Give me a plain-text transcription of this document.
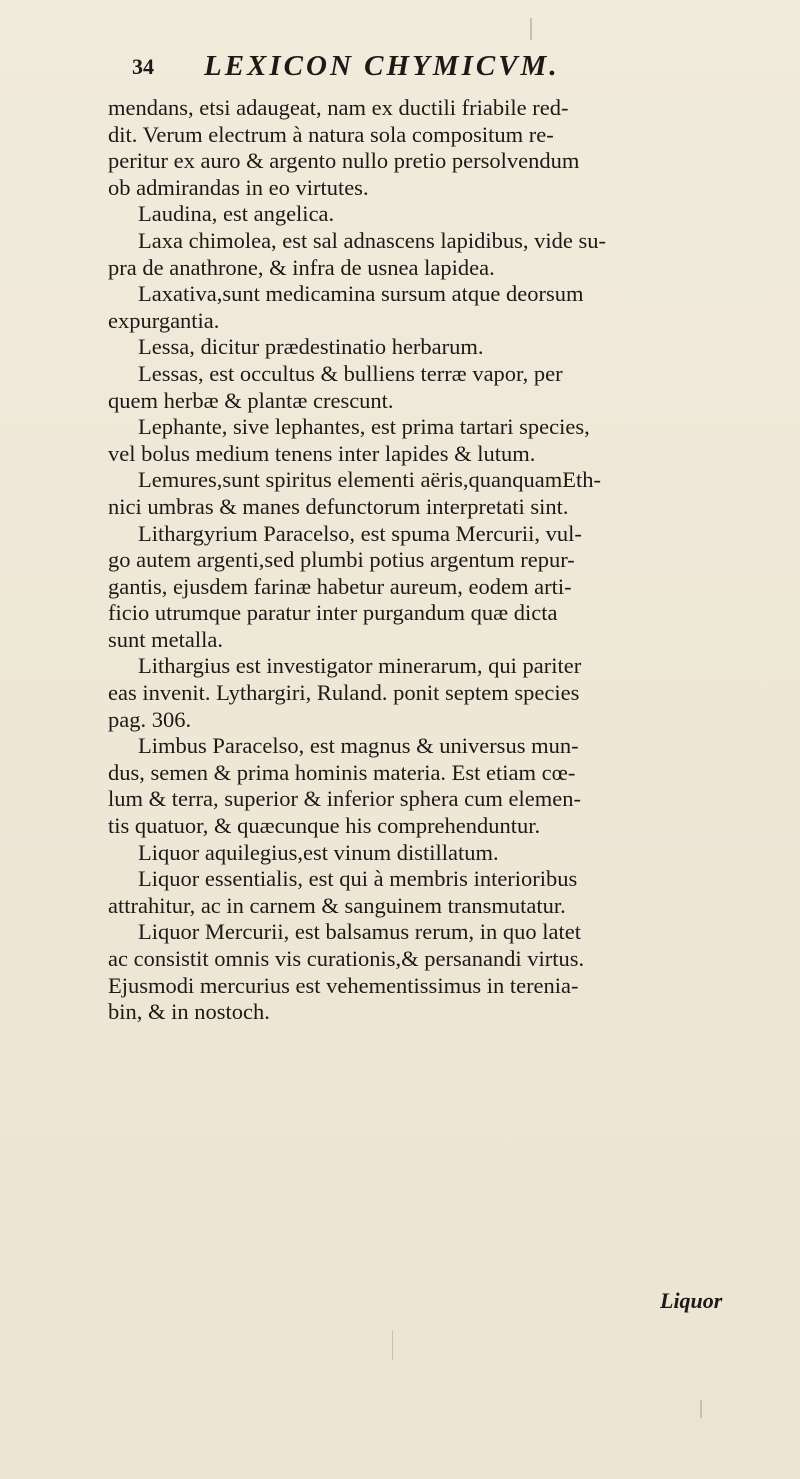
34 LEXICON CHYMICVM.
mendans, etsi adaugeat, nam ex ductili friabile red-
dit. Verum electrum à natura sola compositum re-
peritur ex auro & argento nullo pretio persolvendum
ob admirandas in eo virtutes.
Laudina, est angelica.
Laxa chimolea, est sal adnascens lapidibus, vide su-
pra de anathrone, & infra de usnea lapidea.
Laxativa,sunt medicamina sursum atque deorsum
expurgantia.
Lessa, dicitur prædestinatio herbarum.
Lessas, est occultus & bulliens terræ vapor, per
quem herbæ & plantæ crescunt.
Lephante, sive lephantes, est prima tartari species,
vel bolus medium tenens inter lapides & lutum.
Lemures,sunt spiritus elementi aëris,quanquamEth-
nici umbras & manes defunctorum interpretati sint.
Lithargyrium Paracelso, est spuma Mercurii, vul-
go autem argenti,sed plumbi potius argentum repur-
gantis, ejusdem farinæ habetur aureum, eodem arti-
ficio utrumque paratur inter purgandum quæ dicta
sunt metalla.
Lithargius est investigator minerarum, qui pariter
eas invenit. Lythargiri, Ruland. ponit septem species
pag. 306.
Limbus Paracelso, est magnus & universus mun-
dus, semen & prima hominis materia. Est etiam cœ-
lum & terra, superior & inferior sphera cum elemen-
tis quatuor, & quæcunque his comprehenduntur.
Liquor aquilegius,est vinum distillatum.
Liquor essentialis, est qui à membris interioribus
attrahitur, ac in carnem & sanguinem transmutatur.
Liquor Mercurii, est balsamus rerum, in quo latet
ac consistit omnis vis curationis,& persanandi virtus.
Ejusmodi mercurius est vehementissimus in terenia-
bin, & in nostoch.
Liquor
